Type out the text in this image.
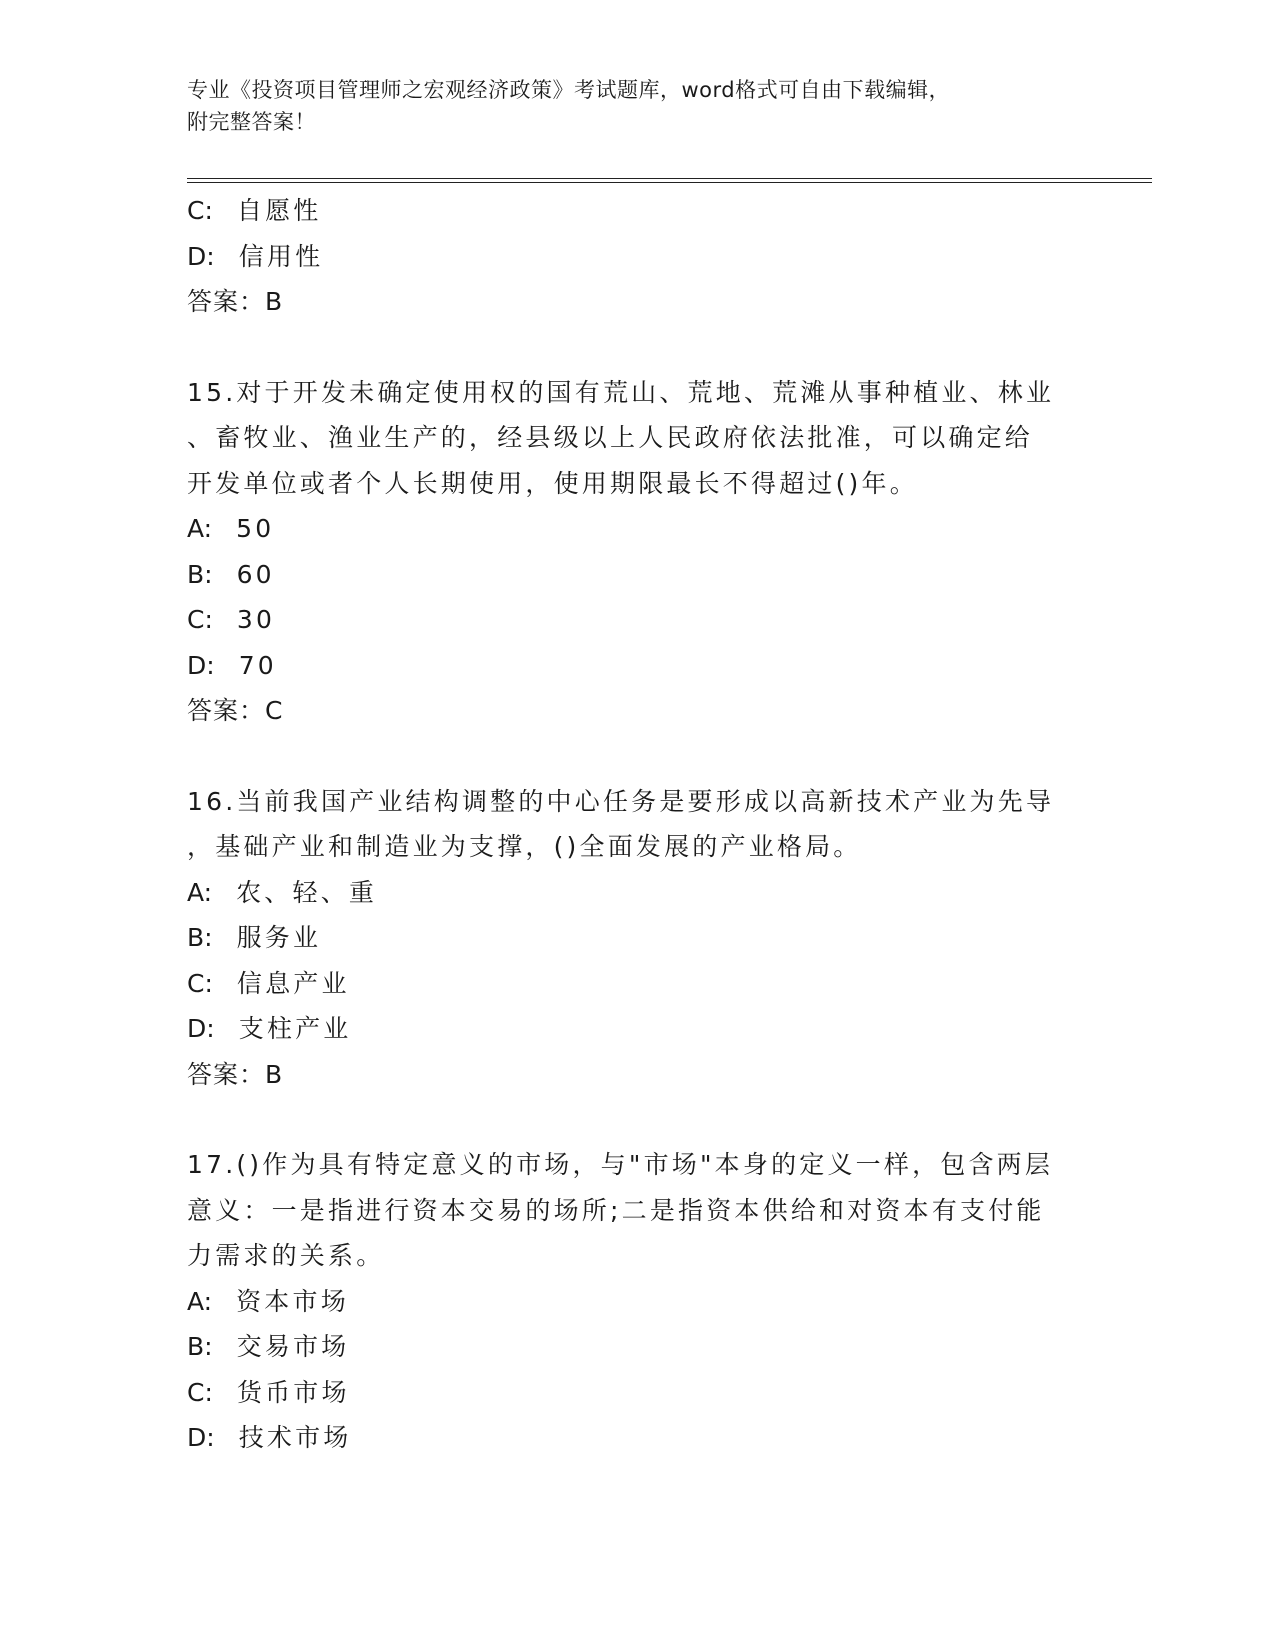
专业《投资项目管理师之宏观经济政策》考试题库，word格式可自由下载编辑，
附完整答案！
C: 自愿性
D: 信用性
答案：B
15.对于开发未确定使用权的国有荒山、荒地、荒滩从事种植业、林业
、畜牧业、渔业生产的，经县级以上人民政府依法批准，可以确定给
开发单位或者个人长期使用，使用期限最长不得超过()年。
A: 50
B: 60
C: 30
D: 70
答案：C
16.当前我国产业结构调整的中心任务是要形成以高新技术产业为先导
，基础产业和制造业为支撑，()全面发展的产业格局。
A: 农、轻、重
B: 服务业
C: 信息产业
D: 支柱产业
答案：B
17.()作为具有特定意义的市场，与"市场"本身的定义一样，包含两层
意义：一是指进行资本交易的场所;二是指资本供给和对资本有支付能
力需求的关系。
A: 资本市场
B: 交易市场
C: 货币市场
D: 技术市场
